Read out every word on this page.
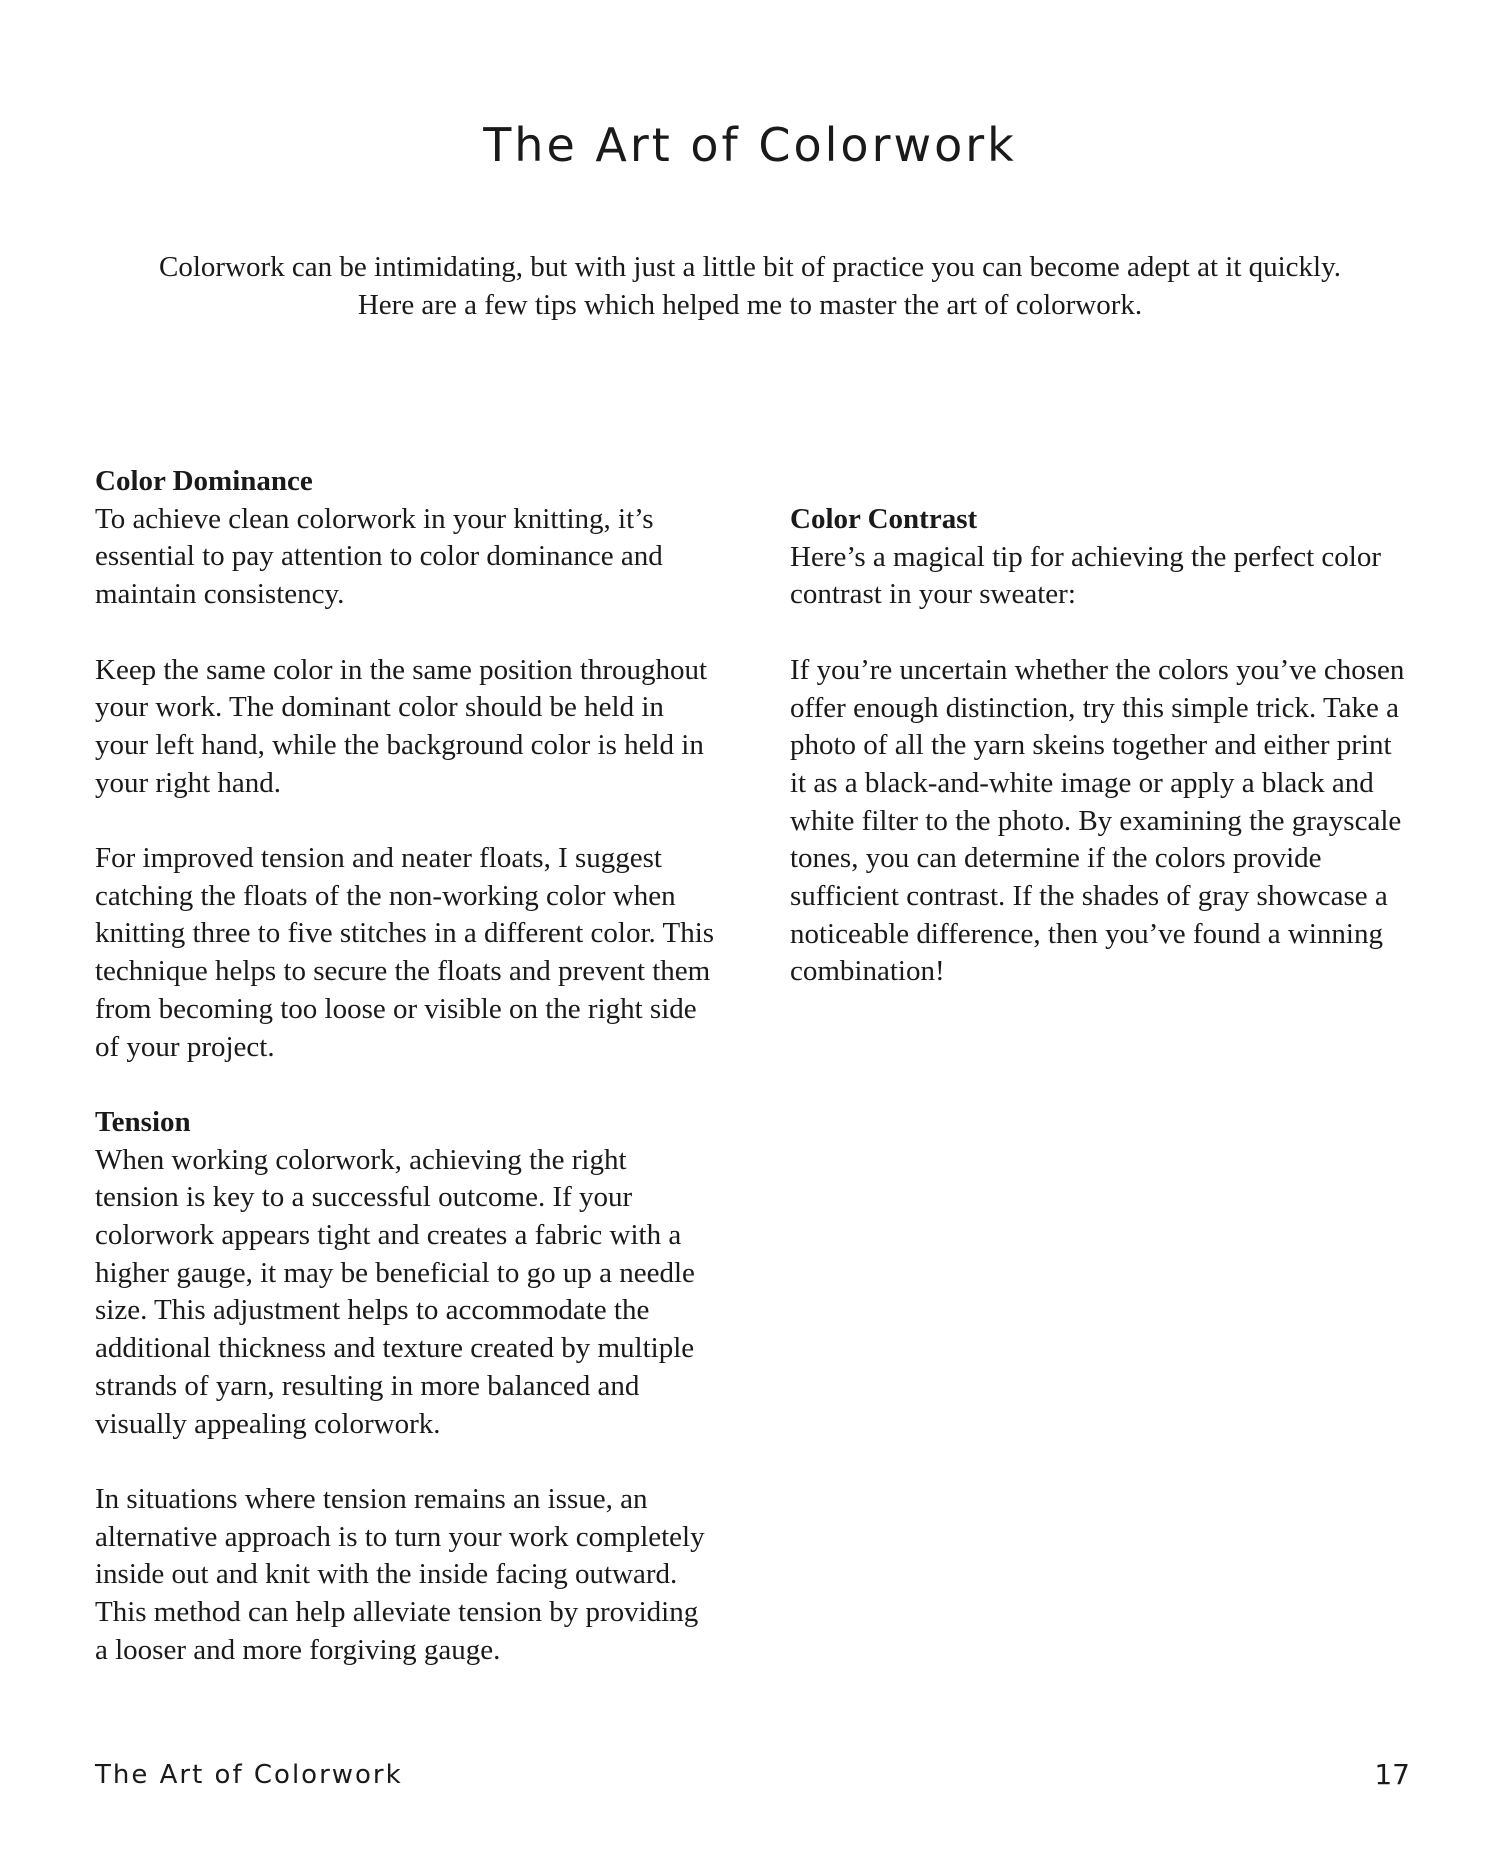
The Art of Colorwork

Colorwork can be intimidating, but with just a little bit of practice you can become adept at it quickly. Here are a few tips which helped me to master the art of colorwork.

Color Dominance

To achieve clean colorwork in your knitting, it’s essential to pay attention to color dominance and maintain consistency.

Keep the same color in the same position throughout your work. The dominant color should be held in your left hand, while the background color is held in your right hand.

For improved tension and neater floats, I suggest catching the floats of the non-working color when knitting three to five stitches in a different color. This technique helps to secure the floats and prevent them from becoming too loose or visible on the right side of your project.

Tension

When working colorwork, achieving the right tension is key to a successful outcome. If your colorwork appears tight and creates a fabric with a higher gauge, it may be beneficial to go up a needle size. This adjustment helps to accommodate the additional thickness and texture created by multiple strands of yarn, resulting in more balanced and visually appealing colorwork.

In situations where tension remains an issue, an alternative approach is to turn your work completely inside out and knit with the inside facing outward. This method can help alleviate tension by providing a looser and more forgiving gauge.

Color Contrast

Here’s a magical tip for achieving the perfect color contrast in your sweater:

If you’re uncertain whether the colors you’ve chosen offer enough distinction, try this simple trick. Take a photo of all the yarn skeins together and either print it as a black-and-white image or apply a black and white filter to the photo. By examining the grayscale tones, you can determine if the colors provide sufficient contrast. If the shades of gray showcase a noticeable difference, then you’ve found a winning combination!

The Art of Colorwork	17
